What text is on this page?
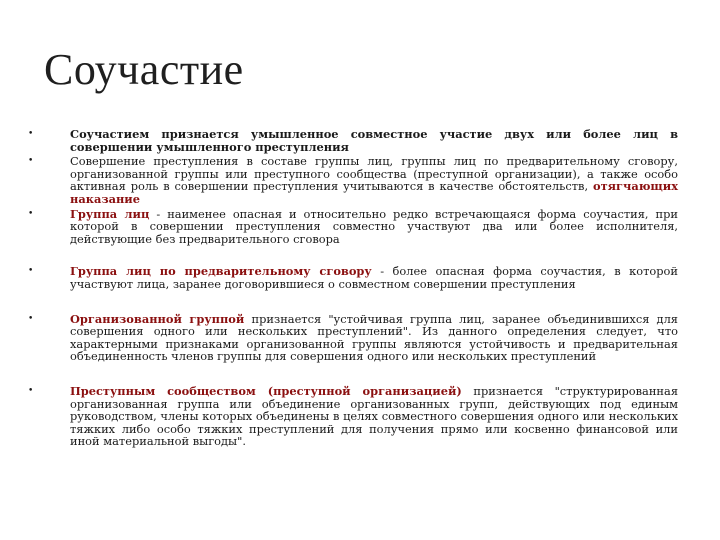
Соучастие
•	Соучастием признается умышленное совместное участие двух или более лиц в совершении умышленного преступления
•	Совершение преступления в составе группы лиц, группы лиц по предварительному сговору, организованной группы или преступного сообщества (преступной организации), а также особо активная роль в совершении преступления учитываются в качестве обстоятельств, отягчающих наказание
•	Группа лиц - наименее опасная и относительно редко встречающаяся форма соучастия, при которой в совершении преступления совместно участвуют два или более исполнителя, действующие без предварительного сговора
•	Группа лиц по предварительному сговору - более опасная форма соучастия, в которой участвуют лица, заранее договорившиеся о совместном совершении преступления
•	Организованной группой признается "устойчивая группа лиц, заранее объединившихся для совершения одного или нескольких преступлений". Из данного определения следует, что характерными признаками организованной группы являются устойчивость и предварительная объединенность членов группы для совершения одного или нескольких преступлений
•	Преступным сообществом (преступной организацией) признается "структурированная организованная группа или объединение организованных групп, действующих под единым руководством, члены которых объединены в целях совместного совершения одного или нескольких тяжких либо особо тяжких преступлений для получения прямо или косвенно финансовой или иной материальной выгоды".
